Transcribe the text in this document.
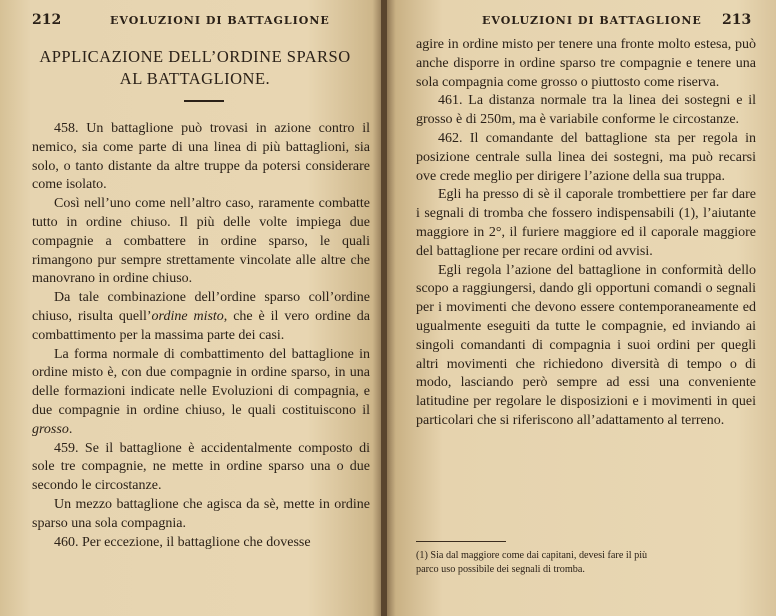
212	EVOLUZIONI DI BATTAGLIONE
APPLICAZIONE DELL’ORDINE SPARSO
AL BATTAGLIONE.

458. Un battaglione può trovasi in azione contro il nemico, sia come parte di una linea di più battaglioni, sia solo, o tanto distante da altre truppe da potersi considerare come isolato.

Così nell’uno come nell’altro caso, raramente combatte tutto in ordine chiuso. Il più delle volte impiega due compagnie a combattere in ordine sparso, le quali rimangono pur sempre strettamente vincolate alle altre che manovrano in ordine chiuso.

Da tale combinazione dell’ordine sparso coll’ordine chiuso, risulta quell’ordine misto, che è il vero ordine da combattimento per la massima parte dei casi.

La forma normale di combattimento del battaglione in ordine misto è, con due compagnie in ordine sparso, in una delle formazioni indicate nelle Evoluzioni di compagnia, e due compagnie in ordine chiuso, le quali costituiscono il grosso.

459. Se il battaglione è accidentalmente composto di sole tre compagnie, ne mette in ordine sparso una o due secondo le circostanze.

Un mezzo battaglione che agisca da sè, mette in ordine sparso una sola compagnia.

460. Per eccezione, il battaglione che dovesse

EVOLUZIONI DI BATTAGLIONE 213

agire in ordine misto per tenere una fronte molto estesa, può anche disporre in ordine sparso tre compagnie e tenere una sola compagnia come grosso o piuttosto come riserva.

461. La distanza normale tra la linea dei sostegni e il grosso è di 250m, ma è variabile conforme le circostanze.

462. Il comandante del battaglione sta per regola in posizione centrale sulla linea dei sostegni, ma può recarsi ove crede meglio per dirigere l’azione della sua truppa.

Egli ha presso di sè il caporale trombettiere per far dare i segnali di tromba che fossero indispensabili (1), l’aiutante maggiore in 2°, il furiere maggiore ed il caporale maggiore del battaglione per recare ordini od avvisi.

Egli regola l’azione del battaglione in conformità dello scopo a raggiungersi, dando gli opportuni comandi o segnali per i movimenti che devono essere contemporaneamente ed ugualmente eseguiti da tutte le compagnie, ed inviando ai singoli comandanti di compagnia i suoi ordini per quegli altri movimenti che richiedono diversità di tempo o di modo, lasciando però sempre ad essi una conveniente latitudine per regolare le disposizioni e i movimenti in quei particolari che si riferiscono all’adattamento al terreno.

(1) Sia dal maggiore come dai capitani, devesi fare il più
parco uso possibile dei segnali di tromba.
